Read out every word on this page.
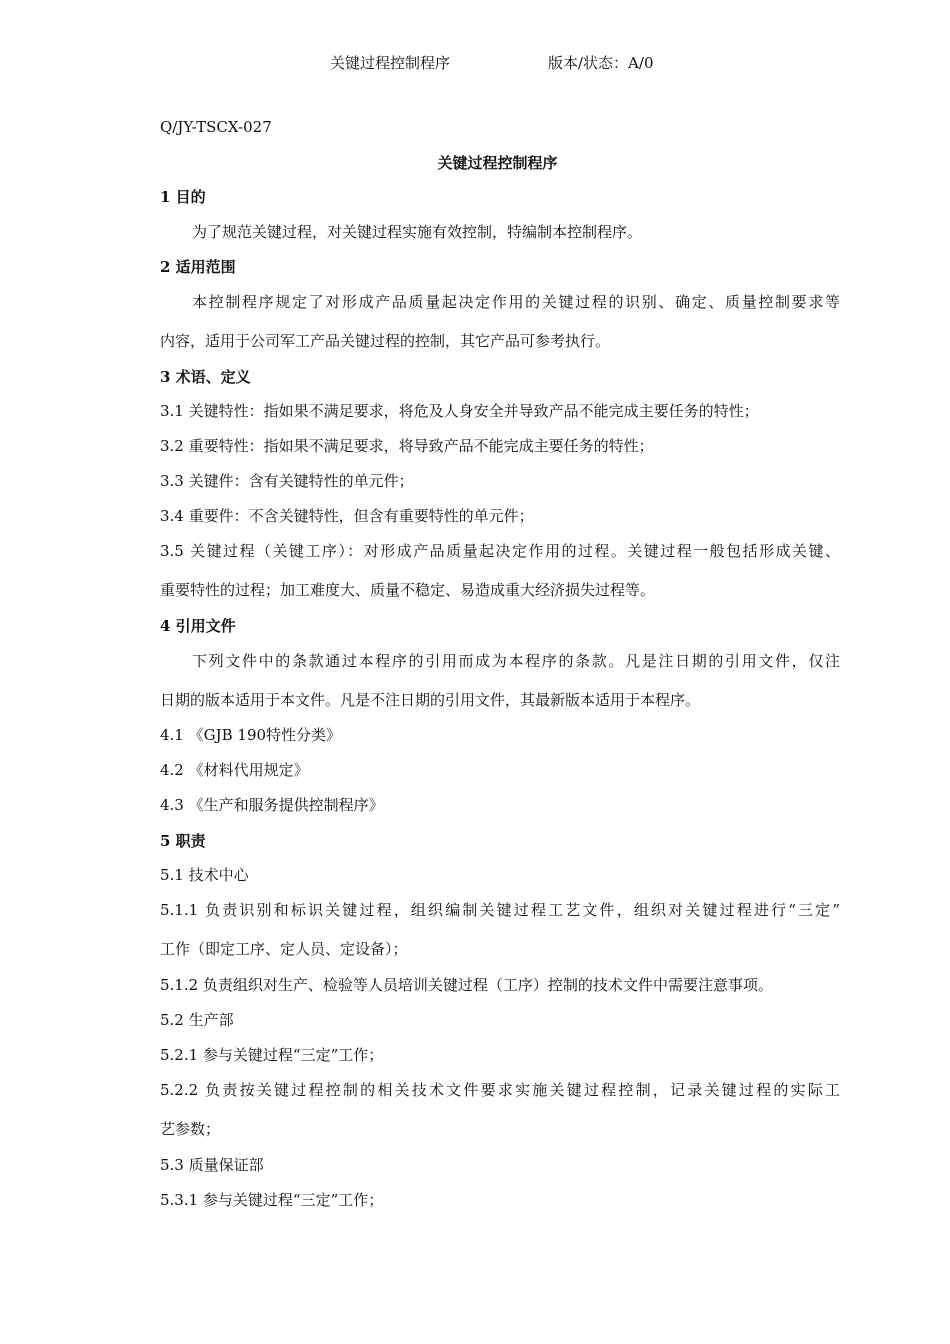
关键过程控制程序	版本/状态：A/0
Q/JY-TSCX-027
关键过程控制程序
1 目的
为了规范关键过程，对关键过程实施有效控制，特编制本控制程序。
2 适用范围
本控制程序规定了对形成产品质量起决定作用的关键过程的识别、确定、质量控制要求等
内容，适用于公司军工产品关键过程的控制，其它产品可参考执行。
3 术语、定义
3.1 关键特性：指如果不满足要求，将危及人身安全并导致产品不能完成主要任务的特性；
3.2 重要特性：指如果不满足要求，将导致产品不能完成主要任务的特性；
3.3 关键件：含有关键特性的单元件；
3.4 重要件：不含关键特性，但含有重要特性的单元件；
3.5 关键过程（关键工序）：对形成产品质量起决定作用的过程。关键过程一般包括形成关键、
重要特性的过程；加工难度大、质量不稳定、易造成重大经济损失过程等。
4 引用文件
下列文件中的条款通过本程序的引用而成为本程序的条款。凡是注日期的引用文件，仅注
日期的版本适用于本文件。凡是不注日期的引用文件，其最新版本适用于本程序。
4.1 《GJB 190特性分类》
4.2 《材料代用规定》
4.3 《生产和服务提供控制程序》
5 职责
5.1 技术中心
5.1.1 负责识别和标识关键过程，组织编制关键过程工艺文件，组织对关键过程进行“三定”
工作（即定工序、定人员、定设备）；
5.1.2 负责组织对生产、检验等人员培训关键过程（工序）控制的技术文件中需要注意事项。
5.2 生产部
5.2.1 参与关键过程“三定”工作；
5.2.2 负责按关键过程控制的相关技术文件要求实施关键过程控制，记录关键过程的实际工
艺参数；
5.3 质量保证部
5.3.1 参与关键过程“三定”工作；
